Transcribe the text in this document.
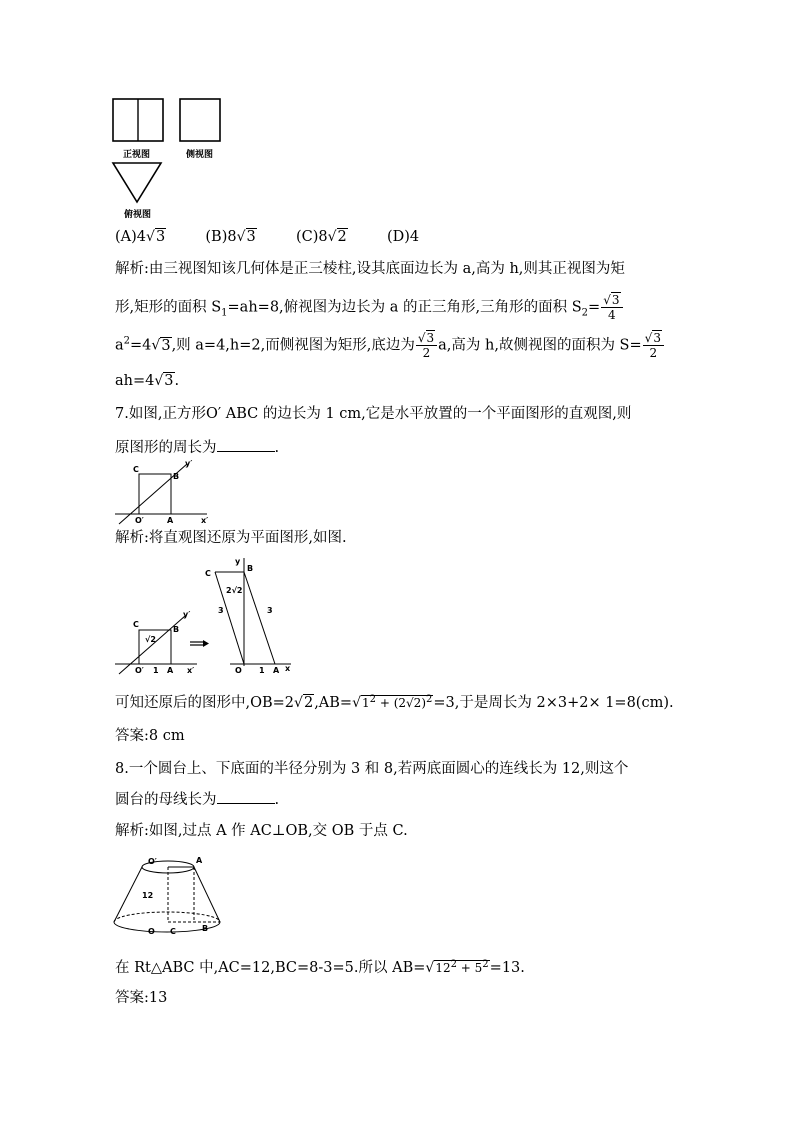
正视图	侧视图
俯视图
(A)4√3	(B)8√3	(C)8√2	(D)4
解析:由三视图知该几何体是正三棱柱,设其底面边长为 a,高为 h,则其正视图为矩
形,矩形的面积 $S_1=ah=8$,俯视图为边长为 a 的正三角形,三角形的面积 $S_2= \frac{√3}{4}$
$a^2=4√3$,则 a=4,h=2,而侧视图为矩形,底边为 $\frac{√3}{2} a$,高为 h,故侧视图的面积为 $S= \frac{√3}{2}$
ah=4√3.
7.如图,正方形O′ ABC 的边长为 1 cm,它是水平放置的一个平面图形的直观图,则
原图形的周长为	.
C
B
y′
O′	A	x′
解析:将直观图还原为平面图形,如图.
C
B
√2
y′
O′ 1 A x′
C
y
B
2√2
3	3
O 1 A x
可知还原后的图形中$,OB=2√2,AB=√1^2 + (2√2)^2=3$,于是周长为 2×3+2× 1=8(cm).
答案:8 cm
8.一个圆台上、下底面的半径分别为 3 和 8,若两底面圆心的连线长为 12,则这个
圆台的母线长为	.
解析:如图,过点 A 作 AC⊥OB,交 OB 于点 C.
O′	A
12
O C	B
在 Rt△ABC 中,AC=12,BC=8-3=5.所以 $AB=√12^2 + 5^2=13$.
答案:13
